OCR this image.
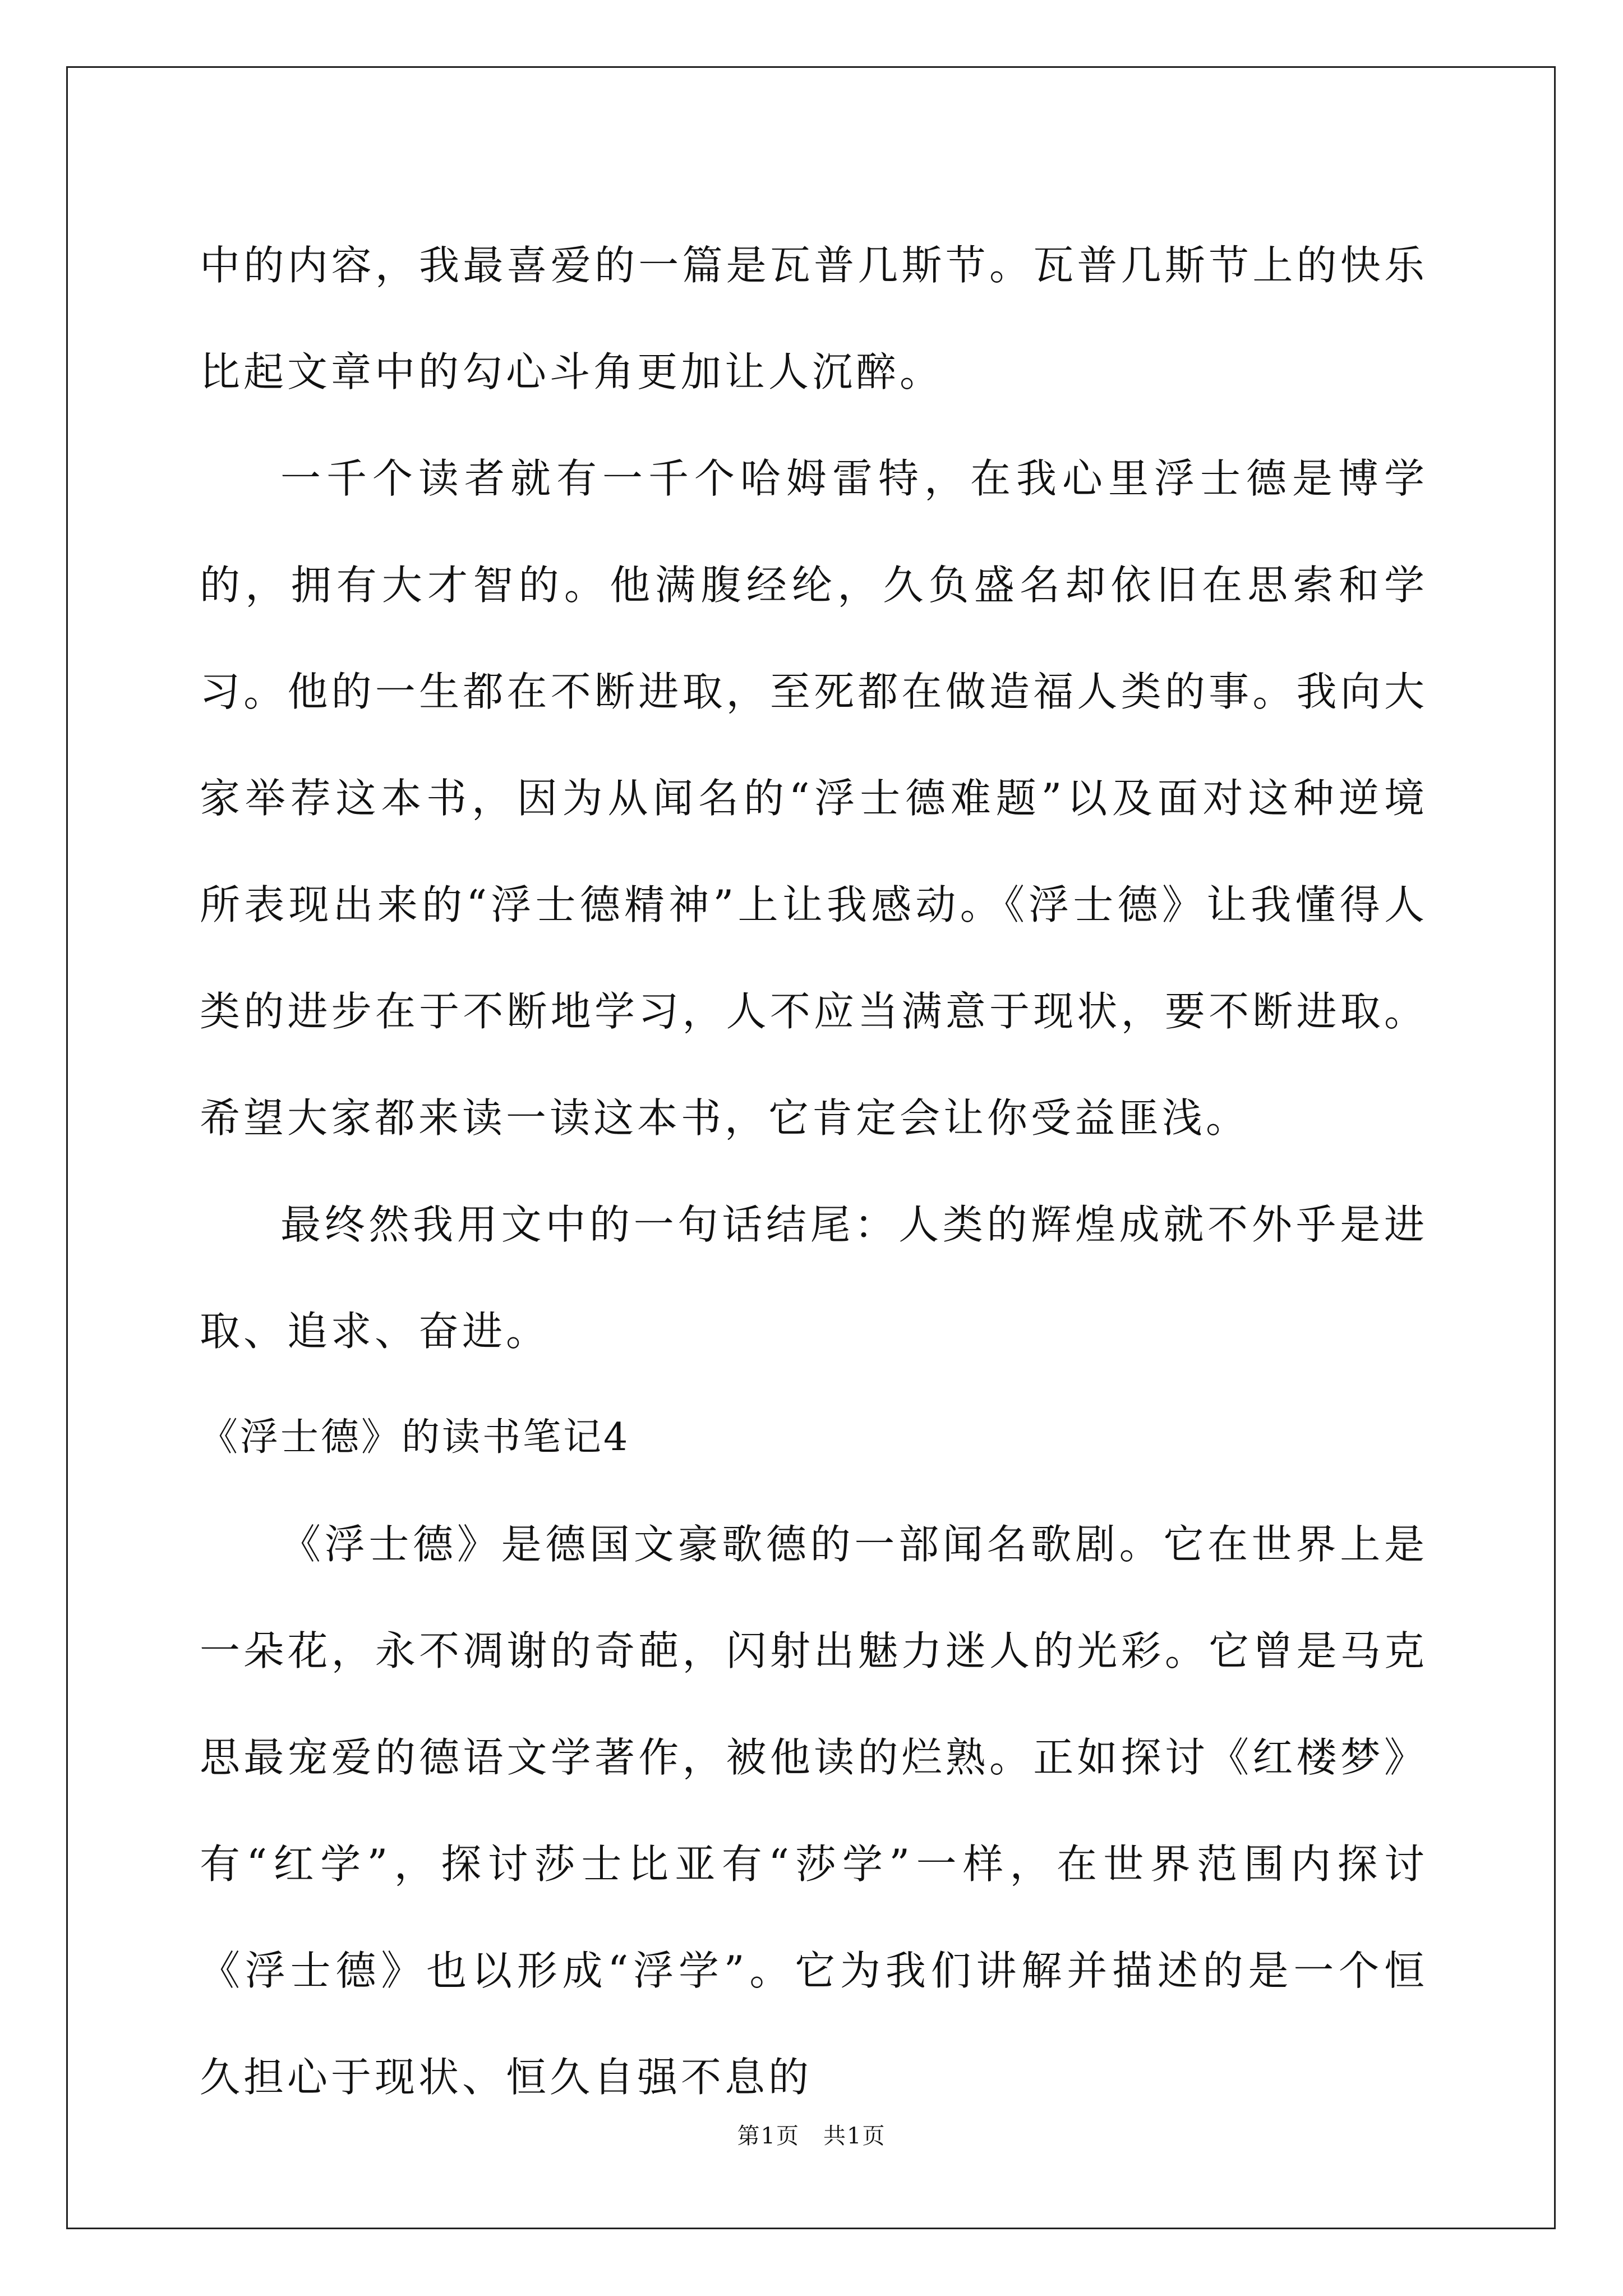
中的内容，我最喜爱的一篇是瓦普几斯节。瓦普几斯节上的快乐比起文章中的勾心斗角更加让人沉醉。

一千个读者就有一千个哈姆雷特，在我心里浮士德是博学的，拥有大才智的。他满腹经纶，久负盛名却依旧在思索和学习。他的一生都在不断进取，至死都在做造福人类的事。我向大家举荐这本书，因为从闻名的“浮士德难题”以及面对这种逆境所表现出来的“浮士德精神”上让我感动。《浮士德》让我懂得人类的进步在于不断地学习，人不应当满意于现状，要不断进取。希望大家都来读一读这本书，它肯定会让你受益匪浅。

最终然我用文中的一句话结尾：人类的辉煌成就不外乎是进取、追求、奋进。

《浮士德》的读书笔记4

《浮士德》是德国文豪歌德的一部闻名歌剧。它在世界上是一朵花，永不凋谢的奇葩，闪射出魅力迷人的光彩。它曾是马克思最宠爱的德语文学著作，被他读的烂熟。正如探讨《红楼梦》有“红学”，探讨莎士比亚有“莎学”一样，在世界范围内探讨《浮士德》也以形成“浮学”。它为我们讲解并描述的是一个恒久担心于现状、恒久自强不息的

第1页　共1页
